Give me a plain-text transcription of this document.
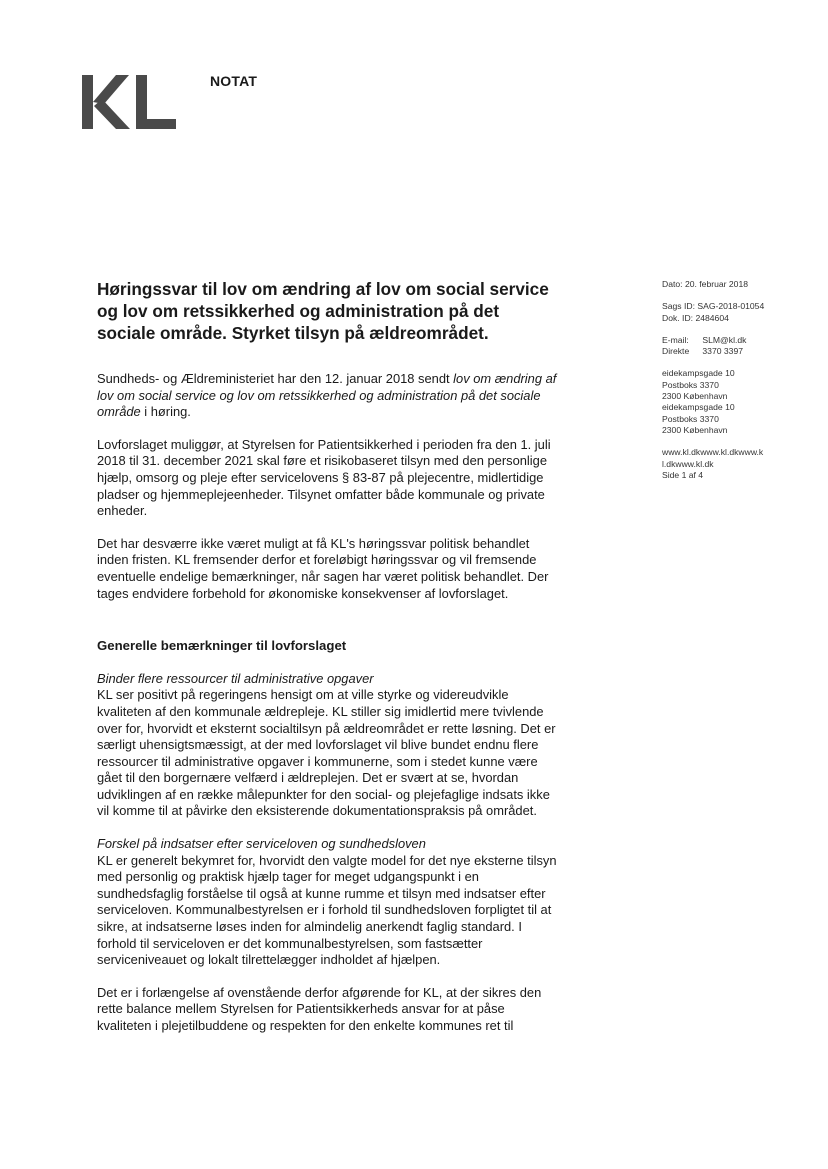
NOTAT
Høringssvar til lov om ændring af lov om social service og lov om retssikkerhed og administration på det sociale område. Styrket tilsyn på ældreområdet.
Dato: 20. februar 2018
Sags ID: SAG-2018-01054
Dok. ID: 2484604
E-mail: SLM@kl.dk
Direkte 3370 3397
eidekampsgade 10
Postboks 3370
2300 København
eidekampsgade 10
Postboks 3370
2300 København
www.kl.dkwww.kl.dkwww.k
l.dkwww.kl.dk
Side 1 af 4

Sundheds- og Ældreministeriet har den 12. januar 2018 sendt lov om ændring af lov om social service og lov om retssikkerhed og administration på det sociale område i høring.

Lovforslaget muliggør, at Styrelsen for Patientsikkerhed i perioden fra den 1. juli 2018 til 31. december 2021 skal føre et risikobaseret tilsyn med den personlige hjælp, omsorg og pleje efter servicelovens § 83-87 på plejecentre, midlertidige pladser og hjemmeplejeenheder. Tilsynet omfatter både kommunale og private enheder.

Det har desværre ikke været muligt at få KL's høringssvar politisk behandlet inden fristen. KL fremsender derfor et foreløbigt høringssvar og vil fremsende eventuelle endelige bemærkninger, når sagen har været politisk behandlet. Der tages endvidere forbehold for økonomiske konsekvenser af lovforslaget.

Generelle bemærkninger til lovforslaget

Binder flere ressourcer til administrative opgaver
KL ser positivt på regeringens hensigt om at ville styrke og videreudvikle kvaliteten af den kommunale ældrepleje. KL stiller sig imidlertid mere tvivlende over for, hvorvidt et eksternt socialtilsyn på ældreområdet er rette løsning. Det er særligt uhensigtsmæssigt, at der med lovforslaget vil blive bundet endnu flere ressourcer til administrative opgaver i kommunerne, som i stedet kunne være gået til den borgernære velfærd i ældreplejen. Det er svært at se, hvordan udviklingen af en række målepunkter for den social- og plejefaglige indsats ikke vil komme til at påvirke den eksisterende dokumentationspraksis på området.

Forskel på indsatser efter serviceloven og sundhedsloven
KL er generelt bekymret for, hvorvidt den valgte model for det nye eksterne tilsyn med personlig og praktisk hjælp tager for meget udgangspunkt i en sundhedsfaglig forståelse til også at kunne rumme et tilsyn med indsatser efter serviceloven. Kommunalbestyrelsen er i forhold til sundhedsloven forpligtet til at sikre, at indsatserne løses inden for almindelig anerkendt faglig standard. I forhold til serviceloven er det kommunalbestyrelsen, som fastsætter serviceniveauet og lokalt tilrettelægger indholdet af hjælpen.

Det er i forlængelse af ovenstående derfor afgørende for KL, at der sikres den rette balance mellem Styrelsen for Patientsikkerheds ansvar for at påse kvaliteten i plejetilbuddene og respekten for den enkelte kommunes ret til
